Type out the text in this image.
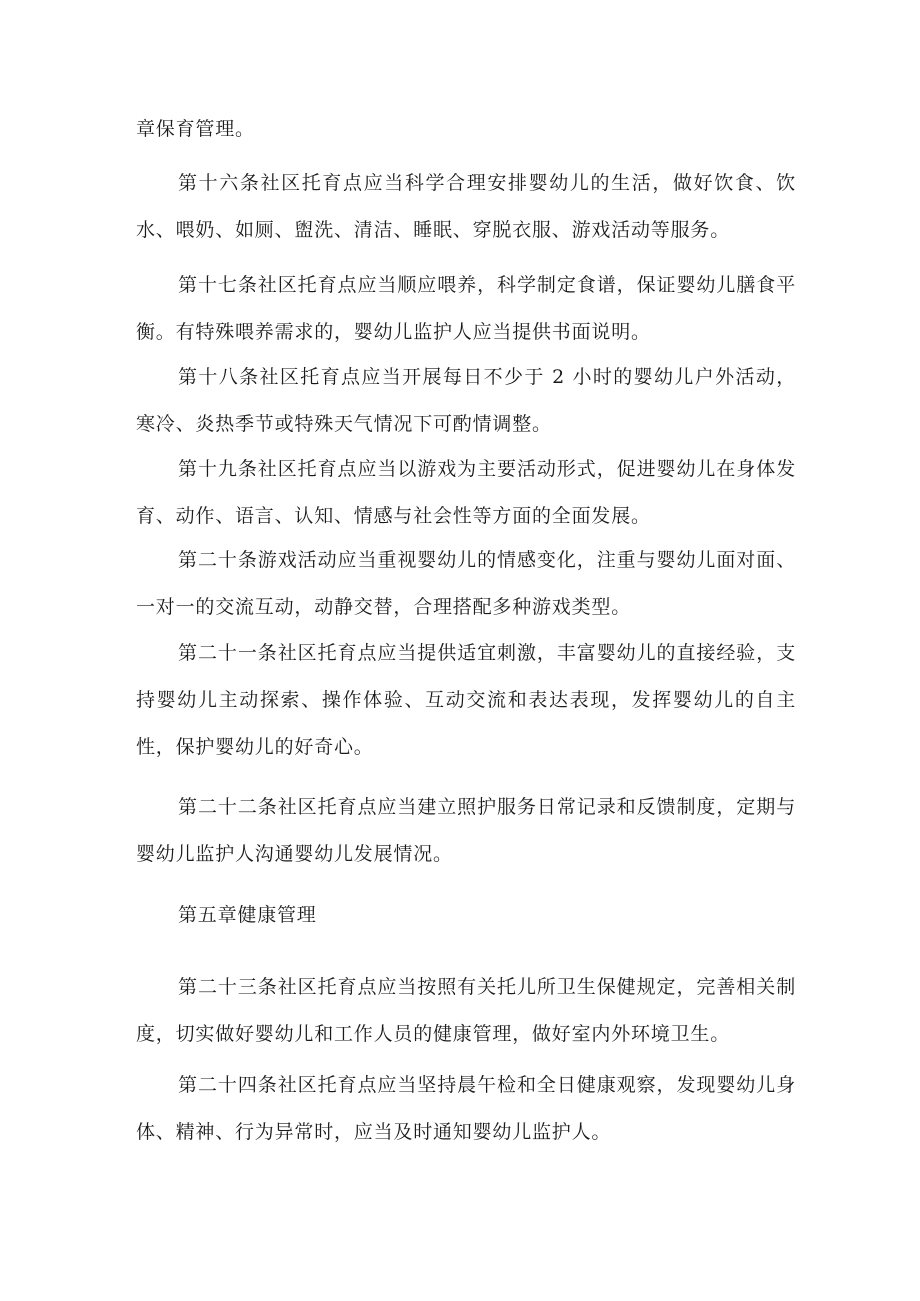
章保育管理。

第十六条社区托育点应当科学合理安排婴幼儿的生活，做好饮食、饮水、喂奶、如厕、盥洗、清洁、睡眠、穿脱衣服、游戏活动等服务。

第十七条社区托育点应当顺应喂养，科学制定食谱，保证婴幼儿膳食平衡。有特殊喂养需求的，婴幼儿监护人应当提供书面说明。

第十八条社区托育点应当开展每日不少于 2 小时的婴幼儿户外活动，寒冷、炎热季节或特殊天气情况下可酌情调整。

第十九条社区托育点应当以游戏为主要活动形式，促进婴幼儿在身体发育、动作、语言、认知、情感与社会性等方面的全面发展。

第二十条游戏活动应当重视婴幼儿的情感变化，注重与婴幼儿面对面、一对一的交流互动，动静交替，合理搭配多种游戏类型。

第二十一条社区托育点应当提供适宜刺激，丰富婴幼儿的直接经验，支持婴幼儿主动探索、操作体验、互动交流和表达表现，发挥婴幼儿的自主性，保护婴幼儿的好奇心。

第二十二条社区托育点应当建立照护服务日常记录和反馈制度，定期与婴幼儿监护人沟通婴幼儿发展情况。

第五章健康管理

第二十三条社区托育点应当按照有关托儿所卫生保健规定，完善相关制度，切实做好婴幼儿和工作人员的健康管理，做好室内外环境卫生。

第二十四条社区托育点应当坚持晨午检和全日健康观察，发现婴幼儿身体、精神、行为异常时，应当及时通知婴幼儿监护人。
